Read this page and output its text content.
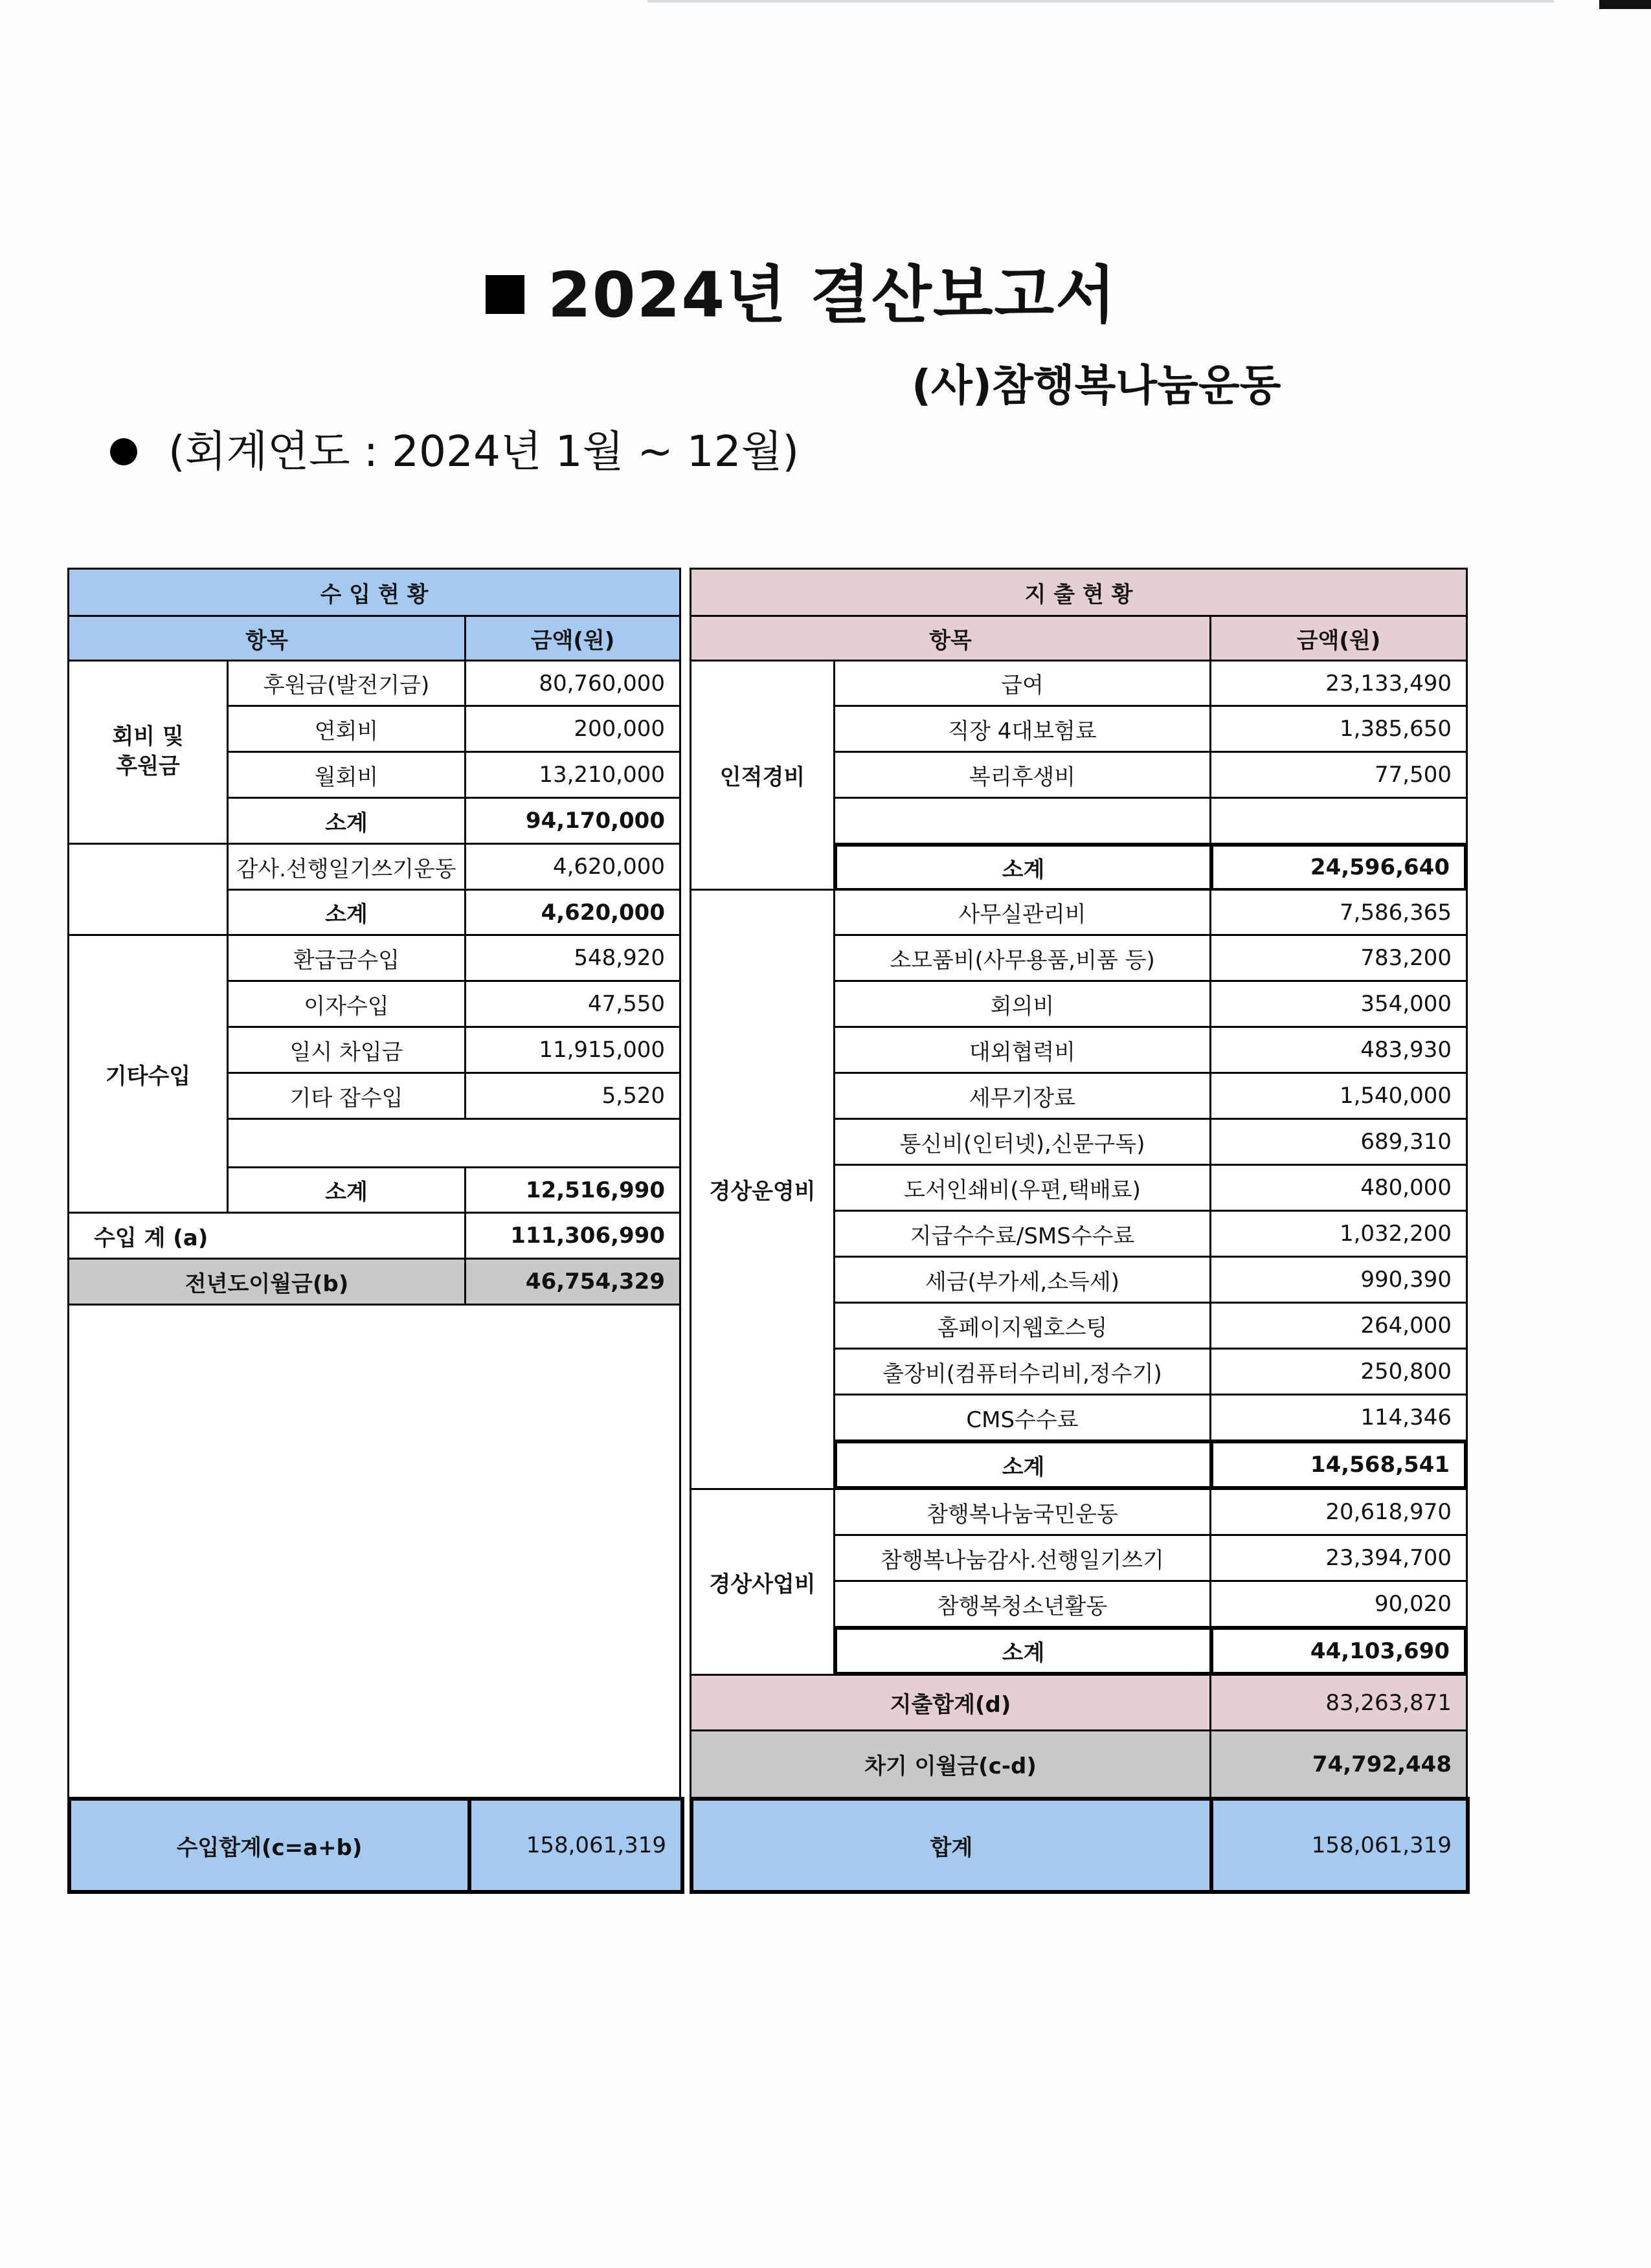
2024년 결산보고서
(사)참행복나눔운동
(회계연도 : 2024년 1월 ~ 12월)
수 입 현 황
항목	금액(원)
회비 및
후원금
후원금(발전기금)	80,760,000
연회비	200,000
월회비	13,210,000
소계	94,170,000
감사.선행일기쓰기운동	4,620,000
소계	4,620,000
기타수입
환급금수입	548,920
이자수입	47,550
일시 차입금	11,915,000
기타 잡수입	5,520
소계	12,516,990
수입 계 (a)	111,306,990
전년도이월금(b)	46,754,329
수입합계(c=a+b)	158,061,319
지 출 현 황
항목	금액(원)
인적경비
급여	23,133,490
직장 4대보험료	1,385,650
복리후생비	77,500
소계	24,596,640
경상운영비
사무실관리비	7,586,365
소모품비(사무용품,비품 등)	783,200
회의비	354,000
대외협력비	483,930
세무기장료	1,540,000
통신비(인터넷),신문구독)	689,310
도서인쇄비(우편,택배료)	480,000
지급수수료/SMS수수료	1,032,200
세금(부가세,소득세)	990,390
홈페이지웹호스팅	264,000
출장비(컴퓨터수리비,정수기)	250,800
CMS수수료	114,346
소계	14,568,541
경상사업비
참행복나눔국민운동	20,618,970
참행복나눔감사.선행일기쓰기	23,394,700
참행복청소년활동	90,020
소계	44,103,690
지출합계(d)	83,263,871
차기 이월금(c-d)	74,792,448
합계	158,061,319
